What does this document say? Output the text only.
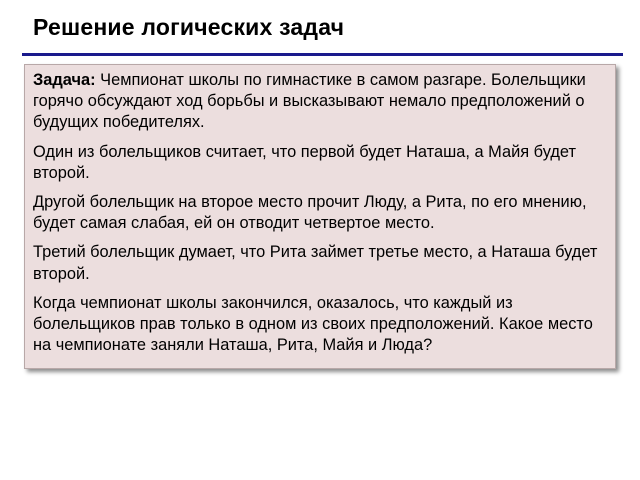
Решение логических задач

Задача: Чемпионат школы по гимнастике в самом разгаре. Болельщики горячо обсуждают ход борьбы и высказывают немало предположений о будущих победителях.

Один из болельщиков считает, что первой будет Наташа, а Майя будет второй.

Другой болельщик на второе место прочит Люду, а Рита, по его мнению, будет самая слабая, ей он отводит четвертое место.

Третий болельщик думает, что Рита займет третье место, а Наташа будет второй.

Когда чемпионат школы закончился, оказалось, что каждый из болельщиков прав только в одном из своих предположений. Какое место на чемпионате заняли Наташа, Рита, Майя и Люда?
